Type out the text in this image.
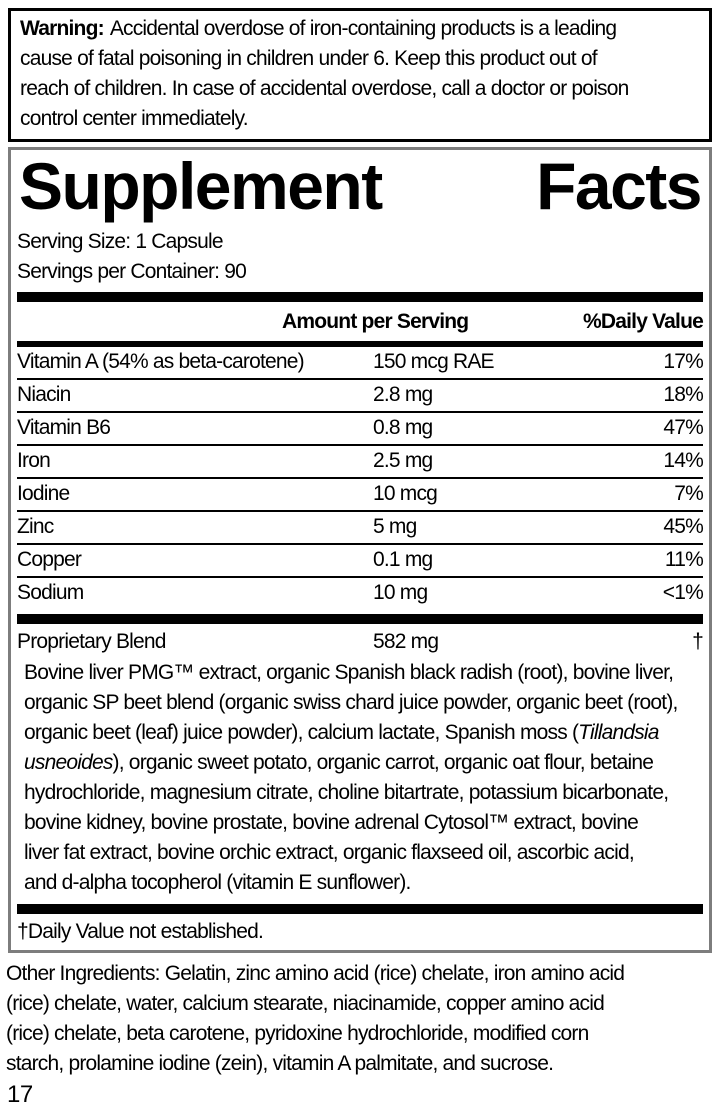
Warning: Accidental overdose of iron-containing products is a leading
cause of fatal poisoning in children under 6. Keep this product out of
reach of children. In case of accidental overdose, call a doctor or poison
control center immediately.
Supplement Facts
Serving Size: 1 Capsule
Servings per Container: 90
Amount per Serving	%Daily Value
Vitamin A (54% as beta-carotene)	150 mcg RAE	17%
Niacin	2.8 mg	18%
Vitamin B6	0.8 mg	47%
Iron	2.5 mg	14%
Iodine	10 mcg	7%
Zinc	5 mg	45%
Copper	0.1 mg	11%
Sodium	10 mg	<1%
Proprietary Blend	582 mg	†
Bovine liver PMG™ extract, organic Spanish black radish (root), bovine liver,
organic SP beet blend (organic swiss chard juice powder, organic beet (root),
organic beet (leaf) juice powder), calcium lactate, Spanish moss (Tillandsia
usneoides), organic sweet potato, organic carrot, organic oat flour, betaine
hydrochloride, magnesium citrate, choline bitartrate, potassium bicarbonate,
bovine kidney, bovine prostate, bovine adrenal Cytosol™ extract, bovine
liver fat extract, bovine orchic extract, organic flaxseed oil, ascorbic acid,
and d-alpha tocopherol (vitamin E sunflower).
†Daily Value not established.
Other Ingredients: Gelatin, zinc amino acid (rice) chelate, iron amino acid
(rice) chelate, water, calcium stearate, niacinamide, copper amino acid
(rice) chelate, beta carotene, pyridoxine hydrochloride, modified corn
starch, prolamine iodine (zein), vitamin A palmitate, and sucrose.
17
